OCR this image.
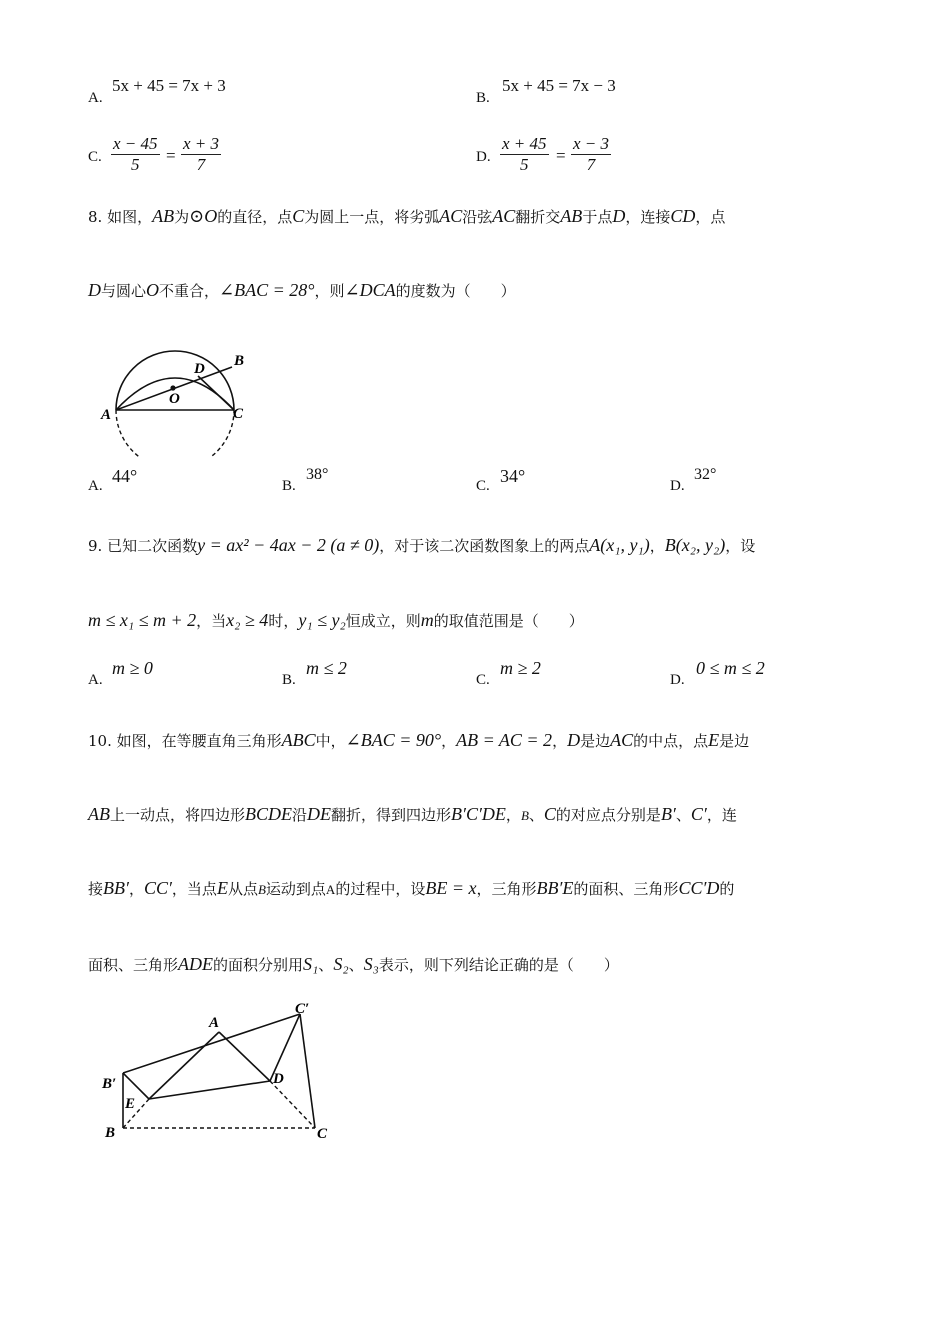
A.
5x + 45 = 7x + 3
B.
5x + 45 = 7x − 3
C. $\frac{x - 45}{5} = \frac{x + 3}{7}$	D. $\frac{x + 45}{5} = \frac{x - 3}{7}$
8. 如图，AB为⊙O的直径，点C为圆上一点，将劣弧AC沿弦AC翻折交AB于点D，连接CD，点
D与圆心O不重合，∠BAC = 28°，则∠DCA的度数为（　　）
A
B
C
D
O
A. 44°	B.
38°
C. 34°	D.
32°
9. 已知二次函数y = ax² − 4ax − 2 (a ≠ 0)，对于该二次函数图象上的两点A(x₁, y₁)，B(x₂, y₂)，设
m ≤ x₁ ≤ m + 2，当x₂ ≥ 4时，y₁ ≤ y₂恒成立，则m的取值范围是（　　）
A.
m ≥ 0
B.
m ≤ 2
C.
m ≥ 2
D.
0 ≤ m ≤ 2
10. 如图，在等腰直角三角形ABC中，∠BAC = 90°，AB = AC = 2，D是边AC的中点，点E是边
AB上一动点，将四边形BCDE沿DE翻折，得到四边形B′C′DE，B、C的对应点分别是B′、C′，连
接BB′，CC′，当点E从点B运动到点A的过程中，设BE = x，三角形BB′E的面积、三角形CC′D的
面积、三角形ADE的面积分别用S₁、S₂、S₃表示，则下列结论正确的是（　　）
A
C′
B′	D
E
B	C
